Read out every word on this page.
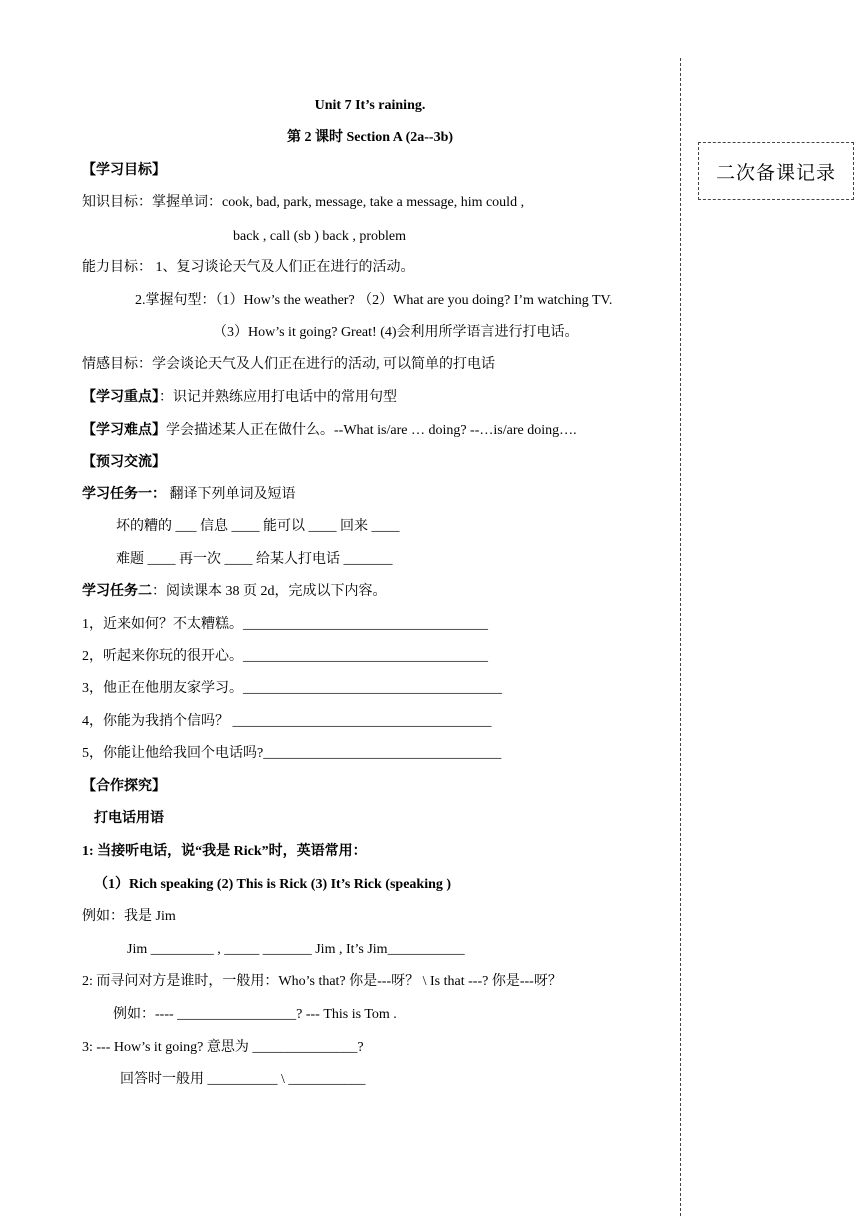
二次备课记录
Unit 7 It’s raining.
第 2 课时 Section A (2a--3b)
【学习目标】
知识目标：掌握单词：cook, bad, park, message, take a message, him could ,
back , call (sb ) back , problem
能力目标： 1、复习谈论天气及人们正在进行的活动。
2.掌握句型：（1）How’s the weather? （2）What are you doing? I’m watching TV.
（3）How’s it going? Great! (4)会利用所学语言进行打电话。
情感目标：学会谈论天气及人们正在进行的活动, 可以简单的打电话
【学习重点】：识记并熟练应用打电话中的常用句型
【学习难点】学会描述某人正在做什么。--What is/are … doing? --…is/are doing….
【预习交流】
学习任务一： 翻译下列单词及短语
坏的糟的 ___ 信息 ____ 能可以 ____ 回来 ____
难题 ____ 再一次 ____ 给某人打电话 _______
学习任务二：阅读课本 38 页 2d，完成以下内容。
1，近来如何？不太糟糕。___________________________________
2，听起来你玩的很开心。___________________________________
3，他正在他朋友家学习。_____________________________________
4，你能为我捎个信吗？ _____________________________________
5，你能让他给我回个电话吗?__________________________________
【合作探究】
打电话用语
1: 当接听电话，说“我是 Rick”时，英语常用：
（1）Rich speaking (2) This is Rick (3) It’s Rick (speaking )
例如：我是 Jim
Jim _________ , _____ _______ Jim , It’s Jim___________
2: 而寻问对方是谁时，一般用：Who’s that? 你是---呀？ \ Is that ---? 你是---呀？
例如：---- _________________? --- This is Tom .
3: --- How’s it going? 意思为 _______________?
回答时一般用 __________ \ ___________
